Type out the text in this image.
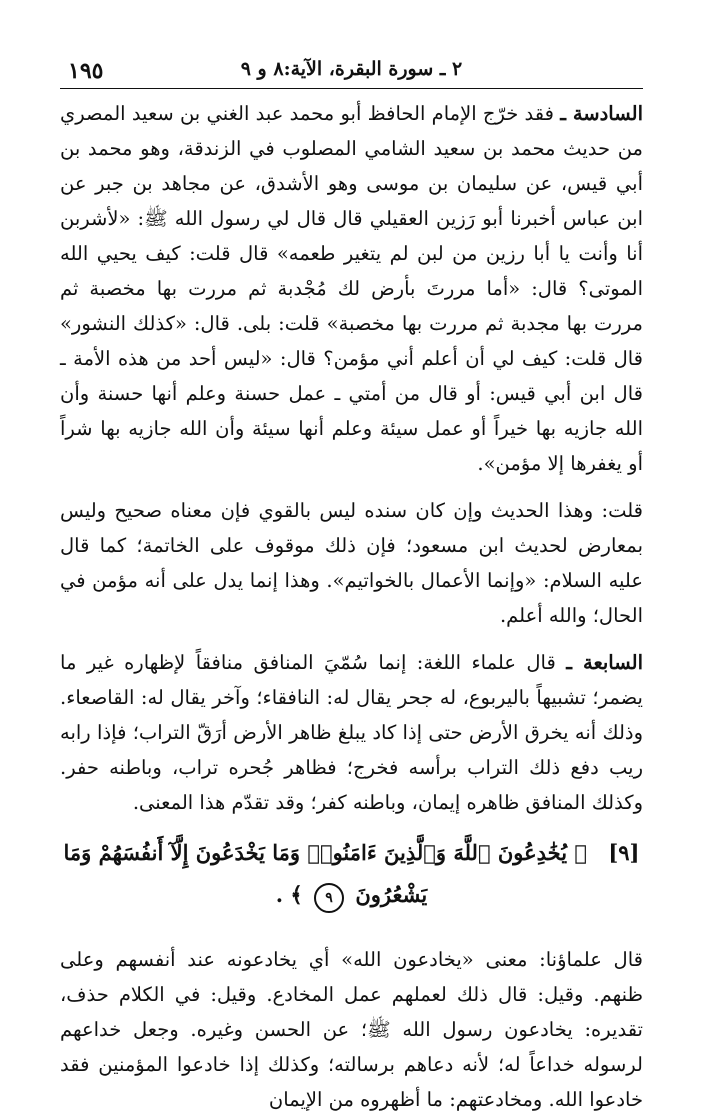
١٩٥	٢ ـ سورة البقرة، الآية:٨ و ٩

السادسة ـ فقد خرّج الإمام الحافظ أبو محمد عبد الغني بن سعيد المصري من حديث محمد بن سعيد الشامي المصلوب في الزندقة، وهو محمد بن أبي قيس، عن سليمان بن موسى وهو الأشدق، عن مجاهد بن جبر عن ابن عباس أخبرنا أبو رَزين العقيلي قال قال لي رسول الله ﷺ: «لأشربن أنا وأنت يا أبا رزين من لبن لم يتغير طعمه» قال قلت: كيف يحيي الله الموتى؟ قال: «أما مررتَ بأرض لك مُجْدبة ثم مررت بها مخصبة ثم مررت بها مجدبة ثم مررت بها مخصبة» قلت: بلى. قال: «كذلك النشور» قال قلت: كيف لي أن أعلم أني مؤمن؟ قال: «ليس أحد من هذه الأمة ـ قال ابن أبي قيس: أو قال من أمتي ـ عمل حسنة وعلم أنها حسنة وأن الله جازيه بها خيراً أو عمل سيئة وعلم أنها سيئة وأن الله جازيه بها شراً أو يغفرها إلا مؤمن».

قلت: وهذا الحديث وإن كان سنده ليس بالقوي فإن معناه صحيح وليس بمعارض لحديث ابن مسعود؛ فإن ذلك موقوف على الخاتمة؛ كما قال عليه السلام: «وإنما الأعمال بالخواتيم». وهذا إنما يدل على أنه مؤمن في الحال؛ والله أعلم.

السابعة ـ قال علماء اللغة: إنما سُمّيَ المنافق منافقاً لإظهاره غير ما يضمر؛ تشبيهاً باليربوع، له جحر يقال له: النافقاء؛ وآخر يقال له: القاصعاء. وذلك أنه يخرق الأرض حتى إذا كاد يبلغ ظاهر الأرض أرَقّ التراب؛ فإذا رابه ريب دفع ذلك التراب برأسه فخرج؛ فظاهر جُحره تراب، وباطنه حفر. وكذلك المنافق ظاهره إيمان، وباطنه كفر؛ وقد تقدّم هذا المعنى.

[٩] ﴿ يُخَٰدِعُونَ ٱللَّهَ وَٱلَّذِينَ ءَامَنُوا۟ وَمَا يَخْدَعُونَ إِلَّآ أَنفُسَهُمْ وَمَا يَشْعُرُونَ ٩ ﴾ .

قال علماؤنا: معنى «يخادعون الله» أي يخادعونه عند أنفسهم وعلى ظنهم. وقيل: قال ذلك لعملهم عمل المخادع. وقيل: في الكلام حذف، تقديره: يخادعون رسول الله ﷺ؛ عن الحسن وغيره. وجعل خداعهم لرسوله خداعاً له؛ لأنه دعاهم برسالته؛ وكذلك إذا خادعوا المؤمنين فقد خادعوا الله. ومخادعتهم: ما أظهروه من الإيمان
